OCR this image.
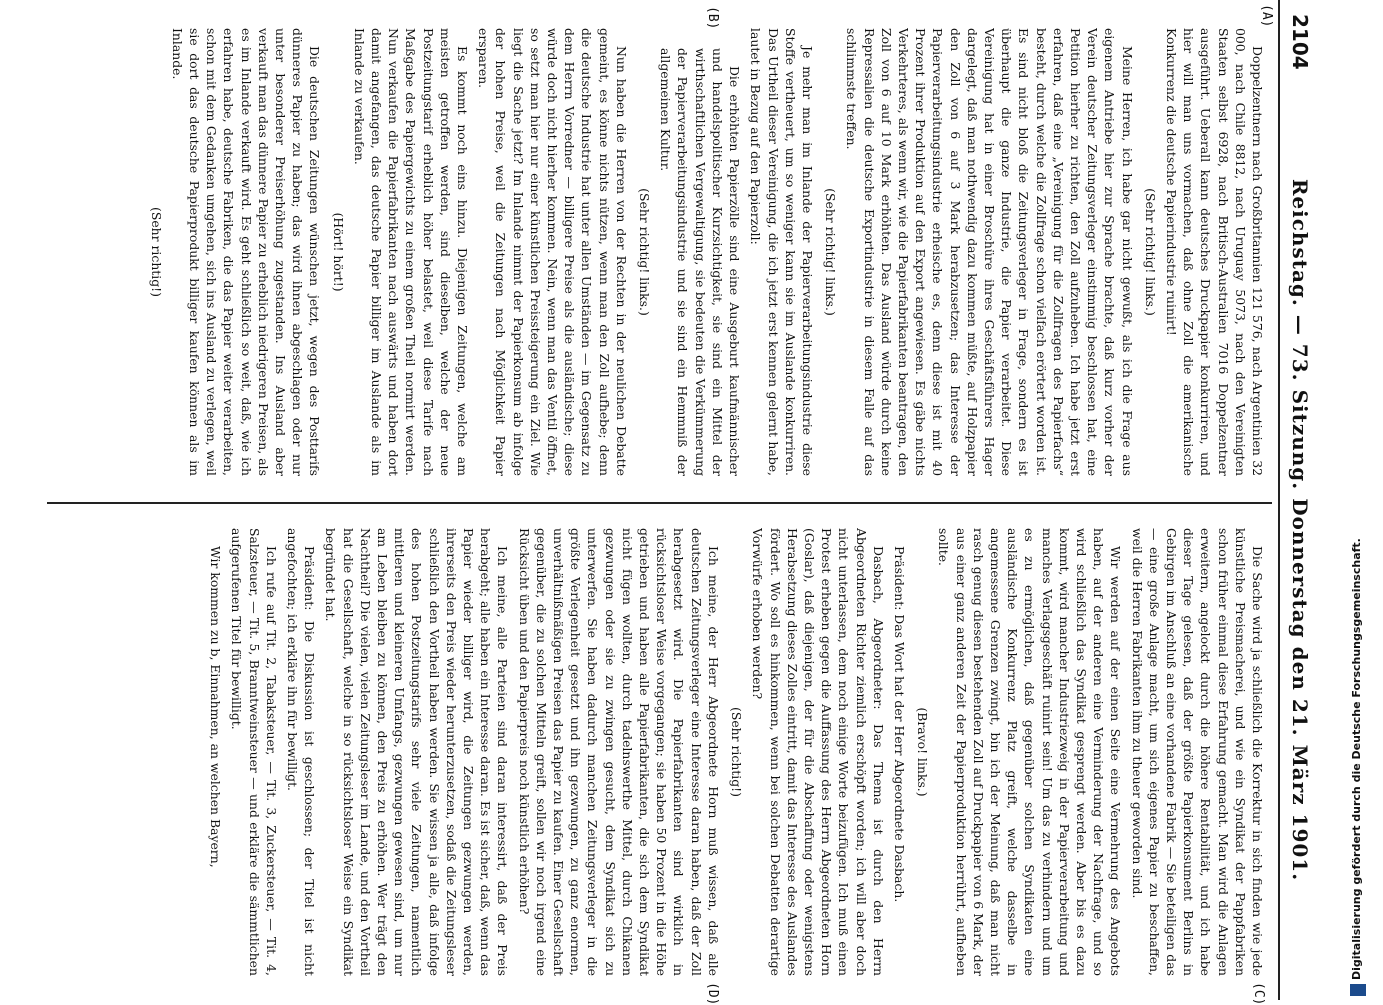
2104
Reichstag. — 73. Sitzung. Donnerstag den 21. März 1901.
(A)
(B)
(C)
(D)

Doppelzentnern nach Großbritannien 121 576, nach Argentinien 32 000, nach Chile 8812, nach Uruguay 5073, nach den Vereinigten Staaten selbst 6928, nach Britisch-Australien 7016 Doppelzentner ausgeführt. Ueberall kann deutsches Druckpapier konkurriren, und hier will man uns vormachen, daß ohne Zoll die amerikanische Konkurrenz die deutsche Papierindustrie ruinirt!

(Sehr richtig! links.)

Meine Herren, ich habe gar nicht gewußt, als ich die Frage aus eigenem Antriebe hier zur Sprache brachte, daß kurz vorher der Verein deutscher Zeitungsverleger einstimmig beschlossen hat, eine Petition hierher zu richten, den Zoll aufzuheben. Ich habe jetzt erst erfahren, daß eine „Vereinigung für die Zollfragen des Papierfachs“ besteht, durch welche die Zollfrage schon vielfach erörtert worden ist. Es sind nicht bloß die Zeitungsverleger in Frage, sondern es ist überhaupt die ganze Industrie, die Papier verarbeitet. Diese Vereinigung hat in einer Broschüre ihres Geschäftsführers Hager dargelegt, daß man nothwendig dazu kommen müßte, auf Holzpapier den Zoll von 6 auf 3 Mark herabzusetzen; das Interesse der Papierverarbeitungsindustrie erheische es, denn diese ist mit 40 Prozent ihrer Produktion auf den Export angewiesen. Es gäbe nichts Verkehrteres, als wenn wir, wie die Papierfabrikanten beantragen, den Zoll von 6 auf 10 Mark erhöhten. Das Ausland würde durch keine Repressalien die deutsche Exportindustrie in diesem Falle auf das schlimmste treffen.

(Sehr richtig! links.)

Je mehr man im Inlande der Papierverarbeitungsindustrie diese Stoffe vertheuert, um so weniger kann sie im Auslande konkurriren. Das Urtheil dieser Vereinigung, die ich jetzt erst kennen gelernt habe, lautet in Bezug auf den Papierzoll:

Die erhöhten Papierzölle sind eine Ausgeburt kaufmännischer und handelspolitischer Kurzsichtigkeit, sie sind ein Mittel der wirthschaftlichen Vergewaltigung, sie bedeuten die Verkümmerung der Papierverarbeitungsindustrie und sie sind ein Hemmniß der allgemeinen Kultur.

(Sehr richtig! links.)

Nun haben die Herren von der Rechten in der neulichen Debatte gemeint, es könne nichts nützen, wenn man den Zoll aufhebe; denn die deutsche Industrie hat unter allen Umständen — im Gegensatz zu dem Herrn Vorredner — billigere Preise als die ausländische; diese würde doch nicht hierher kommen. Nein, wenn man das Ventil öffnet, so setzt man hier nur einer künstlichen Preissteigerung ein Ziel. Wie liegt die Sache jetzt? Im Inlande nimmt der Papierkonsum ab infolge der hohen Preise, weil die Zeitungen nach Möglichkeit Papier ersparen.

Es kommt noch eins hinzu. Diejenigen Zeitungen, welche am meisten getroffen werden, sind dieselben, welche der neue Postzeitungstarif erheblich höher belastet, weil diese Tarife nach Maßgabe des Papiergewichts zu einem großen Theil normirt werden. Nun verkaufen die Papierfabrikanten nach auswärts und haben dort damit angefangen, das deutsche Papier billiger im Auslande als im Inlande zu verkaufen.

(Hört! hört!)

Die deutschen Zeitungen wünschen jetzt, wegen des Posttarifs dünneres Papier zu haben; das wird ihnen abgeschlagen oder nur unter besonderer Preiserhöhung zugestanden. Ins Ausland aber verkauft man das dünnere Papier zu erheblich niedrigeren Preisen, als es im Inlande verkauft wird. Es geht schließlich so weit, daß, wie ich erfahren habe, deutsche Fabriken, die das Papier weiter verarbeiten, schon mit dem Gedanken umgehen, sich ins Ausland zu verlegen, weil sie dort das deutsche Papierprodukt billiger kaufen können als im Inlande.

(Sehr richtig!)

Die Sache wird ja schließlich die Korrektur in sich finden wie jede künstliche Preismacherei, und wie ein Syndikat der Pappfabriken schon früher einmal diese Erfahrung gemacht. Man wird die Anlagen erweitern, angelockt durch die höhere Rentabilität, und ich habe dieser Tage gelesen, daß der größte Papierkonsument Berlins in Gebirgen im Anschluß an eine vorhandene Fabrik — Sie beteiligen das — eine große Anlage macht, um sich eigenes Papier zu beschaffen, weil die Herren Fabrikanten ihm zu theuer geworden sind.

Wir werden auf der einen Seite eine Vermehrung des Angebots haben, auf der anderen eine Verminderung der Nachfrage, und so wird schließlich das Syndikat gesprengt werden. Aber bis es dazu kommt, wird mancher Industriezweig in der Papierverarbeitung und manches Verlagsgeschäft ruinirt sein! Um das zu verhindern und um es zu ermöglichen, daß gegenüber solchen Syndikaten eine ausländische Konkurrenz Platz greift, welche dasselbe in angemessene Grenzen zwingt, bin ich der Meinung, daß man nicht rasch genug diesen bestehenden Zoll auf Druckpapier von 6 Mark, der aus einer ganz anderen Zeit der Papierproduktion herrührt, aufheben sollte.

(Bravo! links.)

Präsident: Das Wort hat der Herr Abgeordnete Dasbach.

Dasbach, Abgeordneter: Das Thema ist durch den Herrn Abgeordneten Richter ziemlich erschöpft worden; ich will aber doch nicht unterlassen, dem noch einige Worte beizufügen. Ich muß einen Protest erheben gegen die Auffassung des Herrn Abgeordneten Horn (Goslar), daß diejenigen, der für die Abschaffung oder wenigstens Herabsetzung dieses Zolles eintritt, damit das Interesse des Auslandes fördert. Wo soll es hinkommen, wenn bei solchen Debatten derartige Vorwürfe erhoben werden?

(Sehr richtig!)

Ich meine, der Herr Abgeordnete Horn muß wissen, daß alle deutschen Zeitungsverleger eine Interesse daran haben, daß der Zoll herabgesetzt wird. Die Papierfabrikanten sind wirklich in rücksichtsloser Weise vorgegangen; sie haben 50 Prozent in die Höhe getrieben und haben alle Papierfabrikanten, die sich dem Syndikat nicht fügen wollten, durch tadelnswerthe Mittel, durch Chikanen gezwungen oder sie zu zwingen gesucht, dem Syndikat sich zu unterwerfen. Sie haben dadurch manchen Zeitungsverleger in die größte Verlegenheit gesetzt und ihn gezwungen, zu ganz enormen, unverhältnißmäßigen Preisen das Papier zu kaufen. Einer Gesellschaft gegenüber, die zu solchen Mitteln greift, sollen wir noch irgend eine Rücksicht üben und den Papierpreis noch künstlich erhöhen?

Ich meine, alle Parteien sind daran interessirt, daß der Preis herabgeht; alle haben ein Interesse daran. Es ist sicher, daß, wenn das Papier wieder billiger wird, die Zeitungen gezwungen werden, ihrerseits den Preis wieder herunterzusetzen, sodaß die Zeitungsleser schließlich den Vortheil haben werden. Sie wissen ja alle, daß infolge des hohen Postzeitungstarifs sehr viele Zeitungen, namentlich mittleren und kleineren Umfangs, gezwungen gewesen sind, um nur am Leben bleiben zu können, den Preis zu erhöhen. Wer trägt den Nachtheil? Die vielen, vielen Zeitungsleser im Lande, und den Vortheil hat die Gesellschaft, welche in so rücksichtsloser Weise ein Syndikat begründet hat.

Präsident: Die Diskussion ist geschlossen; der Titel ist nicht angefochten; ich erkläre ihn für bewilligt.

Ich rufe auf Tit. 2, Tabaksteuer, — Tit. 3, Zuckersteuer, — Tit. 4, Salzsteuer, — Tit. 5, Branntweinsteuer — und erkläre die sämmtlichen aufgerufenen Titel für bewilligt.

Wir kommen zu b, Einnahmen, an welchen Bayern,	Digitalisierung gefördert durch die Deutsche Forschungsgemeinschaft.
